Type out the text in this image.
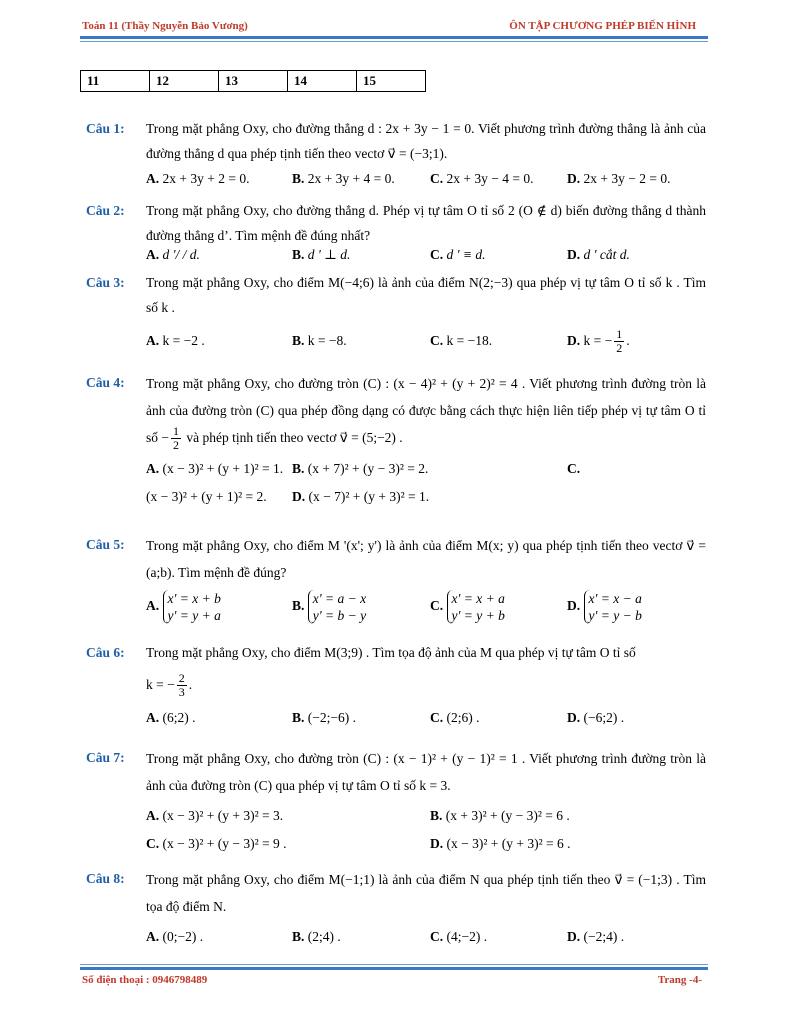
Toán 11 (Thầy Nguyễn Bảo Vương)	ÔN TẬP CHƯƠNG PHÉP BIẾN HÌNH
11	12	13	14	15
Câu 1: Trong mặt phẳng Oxy, cho đường thẳng d : 2x + 3y − 1 = 0. Viết phương trình đường thẳng là ảnh của đường thẳng d qua phép tịnh tiến theo vectơ v⃗ = (−3;1).
A. 2x + 3y + 2 = 0.	B. 2x + 3y + 4 = 0.	C. 2x + 3y − 4 = 0. D. 2x + 3y − 2 = 0.
Câu 2: Trong mặt phẳng Oxy, cho đường thẳng d. Phép vị tự tâm O tỉ số 2 (O ∉ d) biến đường thẳng d thành đường thẳng d’. Tìm mệnh đề đúng nhất?
A. d '/ / d.	B. d ' ⊥ d.	C. d ' ≡ d.	D. d ' cắt d.
Câu 3: Trong mặt phẳng Oxy, cho điểm M(−4;6) là ảnh của điểm N(2;−3) qua phép vị tự tâm O tỉ số k . Tìm số k .
A. k = −2 .	B. k = −8.	C. k = −18.	D. k = − $\frac{1}{2}$ .
Câu 4: Trong mặt phẳng Oxy, cho đường tròn (C) : (x − 4)² + (y + 2)² = 4 . Viết phương trình đường tròn là ảnh của đường tròn (C) qua phép đồng dạng có được bằng cách thực hiện liên tiếp phép vị tự tâm O tỉ số − $\frac{1}{2}$ và phép tịnh tiến theo vectơ v⃗ = (5;−2) .
A. (x − 3)² + (y + 1)² = 1. B. (x + 7)² + (y − 3)² = 2.	C.
(x − 3)² + (y + 1)² = 2. D. (x − 7)² + (y + 3)² = 1.
Câu 5: Trong mặt phẳng Oxy, cho điểm M '(x'; y') là ảnh của điểm M(x; y) qua phép tịnh tiến theo vectơ v⃗ = (a;b). Tìm mệnh đề đúng?
A. x' = x + b
y' = y + a
B. x' = a − x
y' = b − y
C. x' = x + a
y' = y + b
D. x' = x − a
y' = y − b
Câu 6: Trong mặt phẳng Oxy, cho điểm M(3;9) . Tìm tọa độ ảnh của M qua phép vị tự tâm O tỉ số
k = − $\frac{2}{3}$ .
A. (6;2) .	B. (−2;−6) .	C. (2;6) .	D. (−6;2) .
Câu 7: Trong mặt phẳng Oxy, cho đường tròn (C) : (x − 1)² + (y − 1)² = 1 . Viết phương trình đường tròn là ảnh của đường tròn (C) qua phép vị tự tâm O tỉ số k = 3.
A. (x − 3)² + (y + 3)² = 3.	B. (x + 3)² + (y − 3)² = 6 .
C. (x − 3)² + (y − 3)² = 9 .	D. (x − 3)² + (y + 3)² = 6 .
Câu 8: Trong mặt phẳng Oxy, cho điểm M(−1;1) là ảnh của điểm N qua phép tịnh tiến theo v⃗ = (−1;3) . Tìm tọa độ điểm N.
A. (0;−2) .	B. (2;4) .	C. (4;−2) .	D. (−2;4) .
Số điện thoại : 0946798489	Trang -4-
